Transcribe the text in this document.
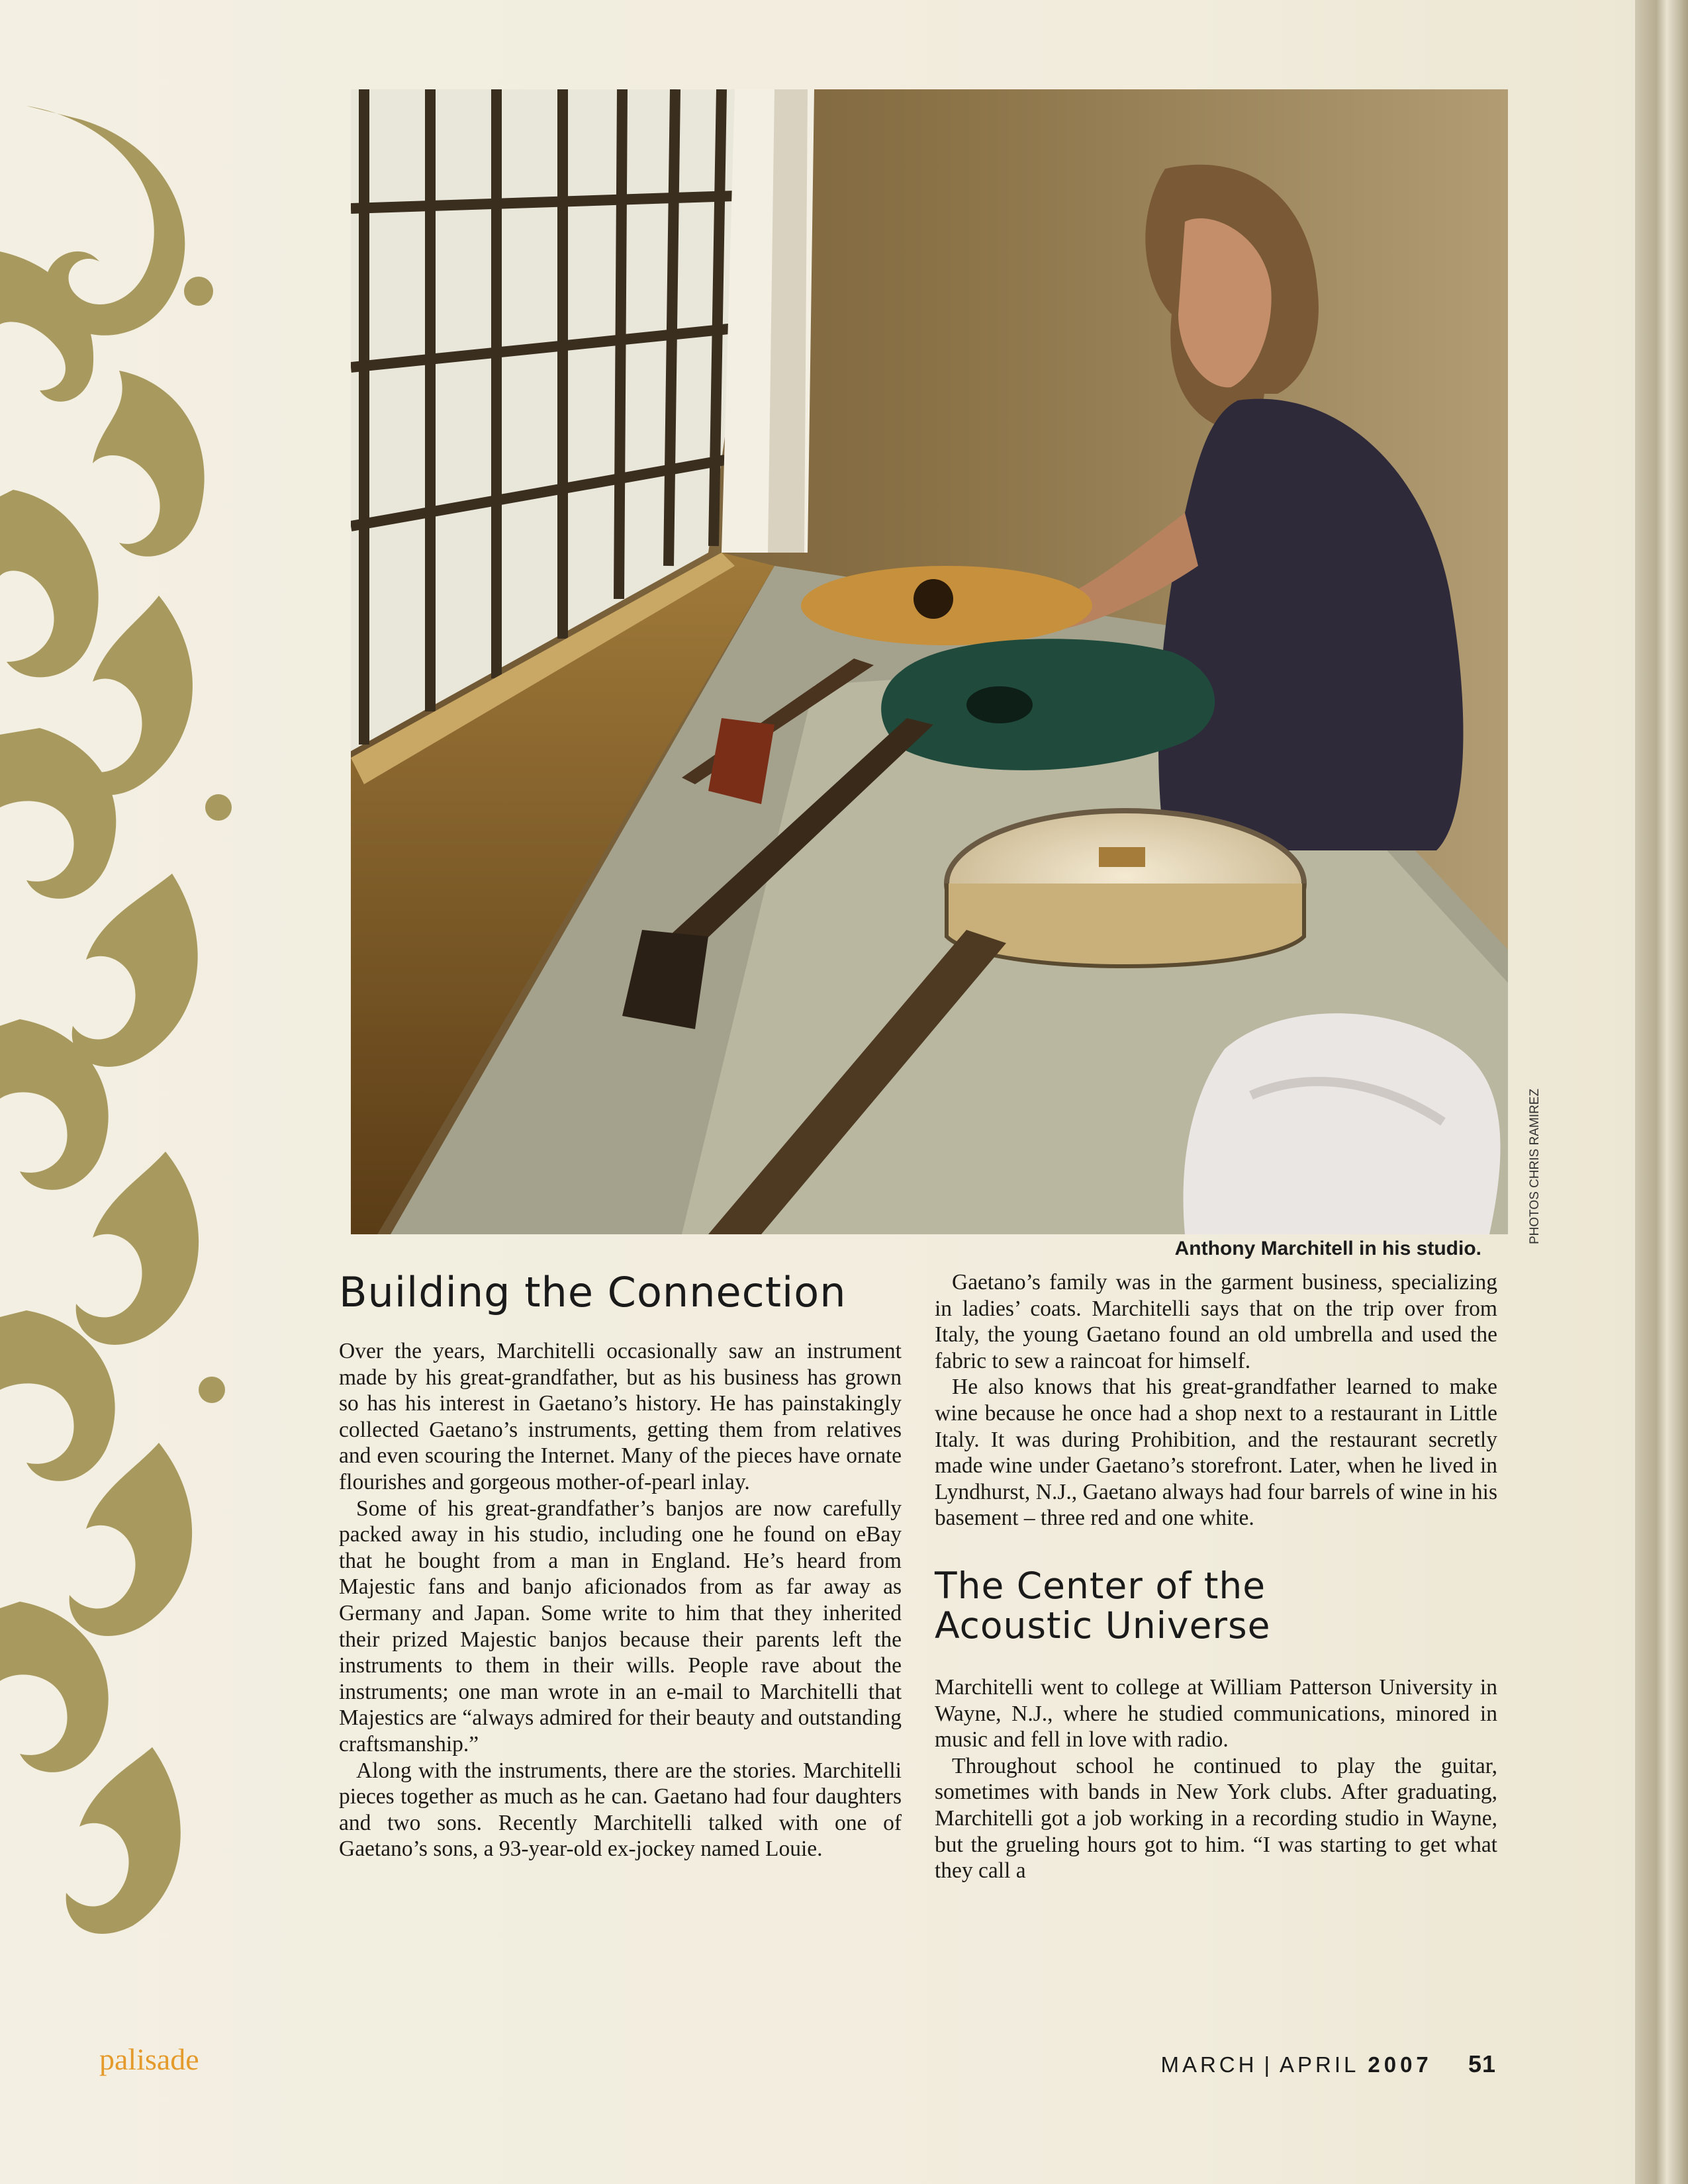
PHOTOS CHRIS RAMIREZ
Anthony Marchitell in his studio.
Building the Connection

Over the years, Marchitelli occasionally saw an instrument made by his great-grandfather, but as his business has grown so has his interest in Gaetano’s history. He has painstakingly collected Gaetano’s instruments, getting them from relatives and even scouring the Internet. Many of the pieces have ornate flourishes and gorgeous mother-of-pearl inlay.

Some of his great-grandfather’s banjos are now carefully packed away in his studio, including one he found on eBay that he bought from a man in England. He’s heard from Majestic fans and banjo aficionados from as far away as Germany and Japan. Some write to him that they inherited their prized Majestic banjos because their parents left the instruments to them in their wills. People rave about the instruments; one man wrote in an e-mail to Marchitelli that Majestics are “always admired for their beauty and outstanding craftsmanship.”

Along with the instruments, there are the stories. Marchitelli pieces together as much as he can. Gaetano had four daughters and two sons. Recently Marchitelli talked with one of Gaetano’s sons, a 93-year-old ex-jockey named Louie.

Gaetano’s family was in the garment business, specializing in ladies’ coats. Marchitelli says that on the trip over from Italy, the young Gaetano found an old umbrella and used the fabric to sew a raincoat for himself.

He also knows that his great-grandfather learned to make wine because he once had a shop next to a restaurant in Little Italy. It was during Prohibition, and the restaurant secretly made wine under Gaetano’s storefront. Later, when he lived in Lyndhurst, N.J., Gaetano always had four barrels of wine in his basement – three red and one white.

The Center of the
Acoustic Universe

Marchitelli went to college at William Patterson University in Wayne, N.J., where he studied communications, minored in music and fell in love with radio.

Throughout school he continued to play the guitar, sometimes with bands in New York clubs. After graduating, Marchitelli got a job working in a recording studio in Wayne, but the grueling hours got to him. “I was starting to get what they call a

palisade	MARCH | APRIL 2007 51
